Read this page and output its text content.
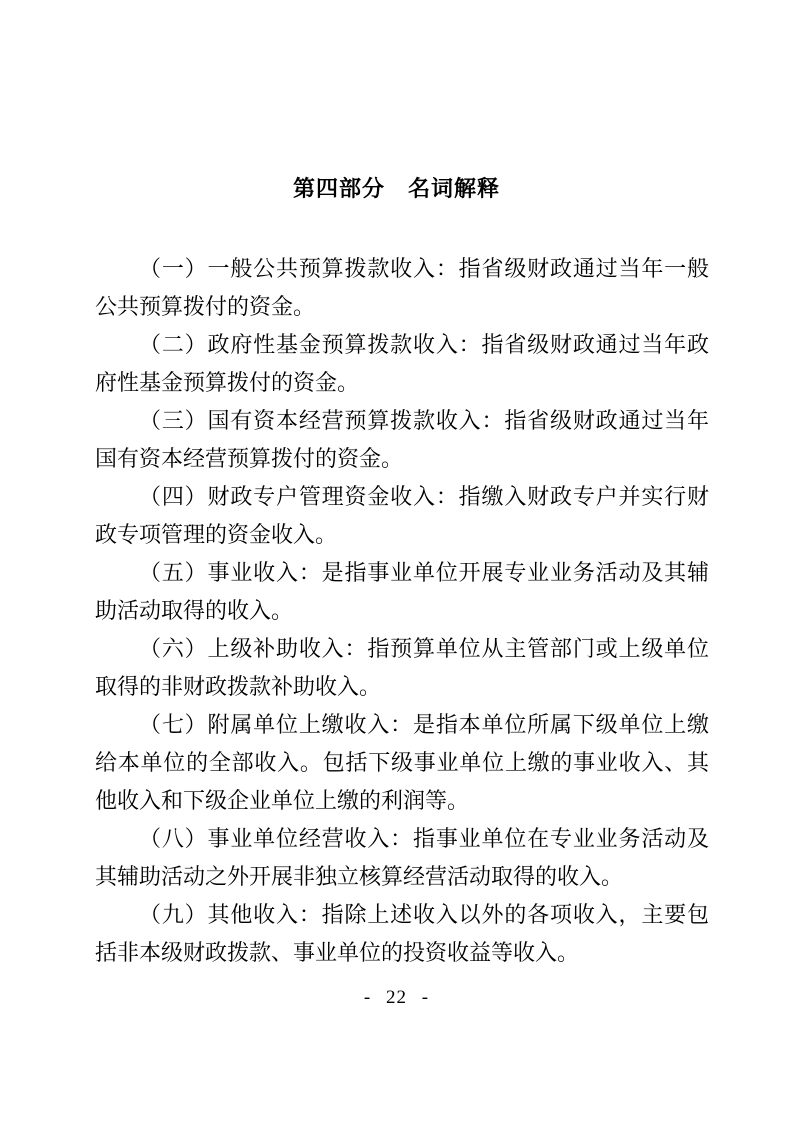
第四部分　名词解释

（一）一般公共预算拨款收入：指省级财政通过当年一般公共预算拨付的资金。

（二）政府性基金预算拨款收入：指省级财政通过当年政府性基金预算拨付的资金。

（三）国有资本经营预算拨款收入：指省级财政通过当年国有资本经营预算拨付的资金。

（四）财政专户管理资金收入：指缴入财政专户并实行财政专项管理的资金收入。

（五）事业收入：是指事业单位开展专业业务活动及其辅助活动取得的收入。

（六）上级补助收入：指预算单位从主管部门或上级单位取得的非财政拨款补助收入。

（七）附属单位上缴收入：是指本单位所属下级单位上缴给本单位的全部收入。包括下级事业单位上缴的事业收入、其他收入和下级企业单位上缴的利润等。

（八）事业单位经营收入：指事业单位在专业业务活动及其辅助活动之外开展非独立核算经营活动取得的收入。

（九）其他收入：指除上述收入以外的各项收入，主要包括非本级财政拨款、事业单位的投资收益等收入。

- 22 -
